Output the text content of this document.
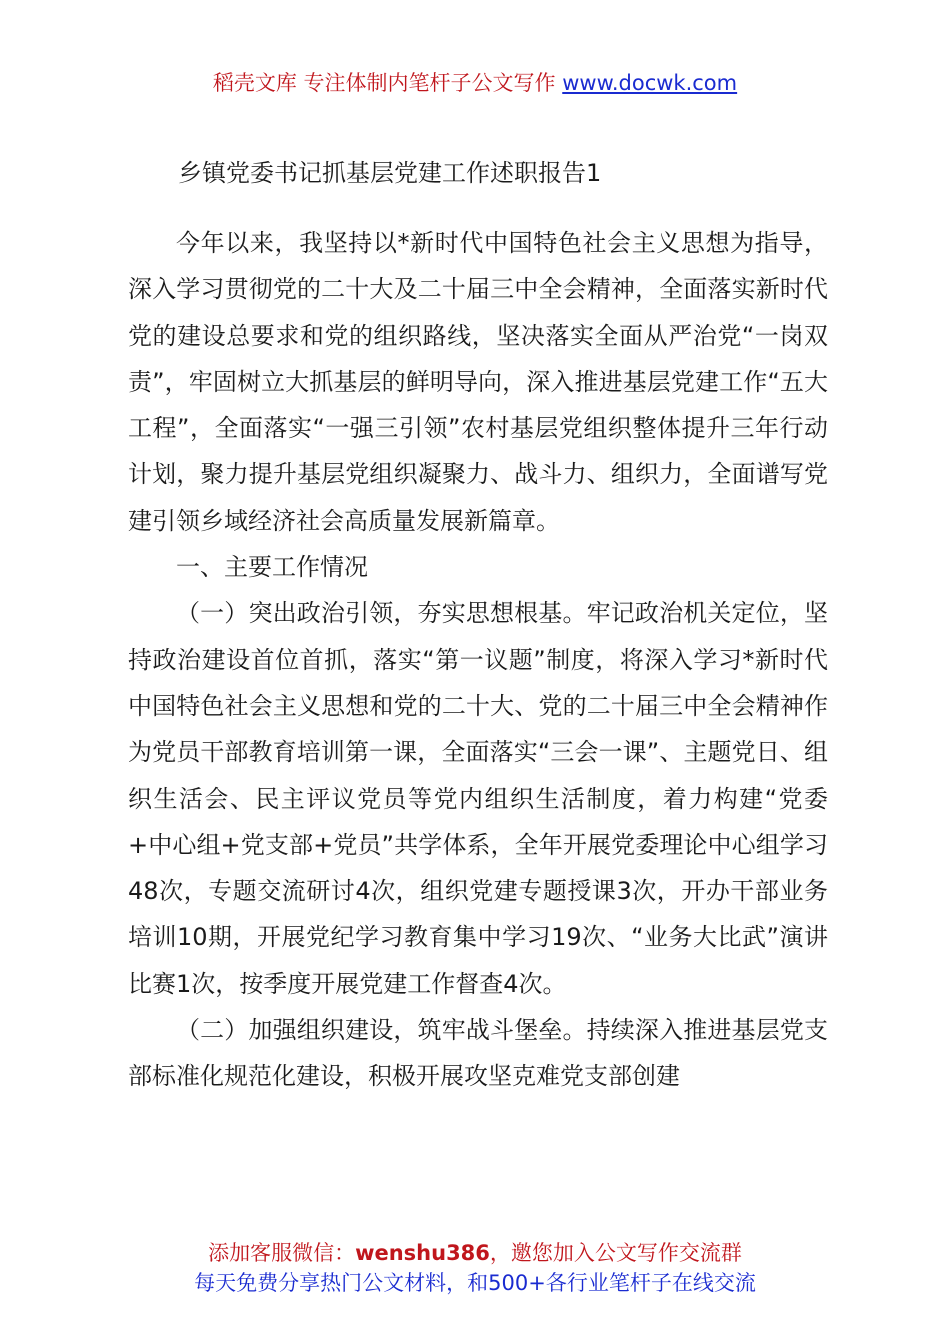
稻壳文库 专注体制内笔杆子公文写作 www.docwk.com
乡镇党委书记抓基层党建工作述职报告1

今年以来，我坚持以*新时代中国特色社会主义思想为指导，深入学习贯彻党的二十大及二十届三中全会精神，全面落实新时代党的建设总要求和党的组织路线，坚决落实全面从严治党“一岗双责”，牢固树立大抓基层的鲜明导向，深入推进基层党建工作“五大工程”，全面落实“一强三引领”农村基层党组织整体提升三年行动计划，聚力提升基层党组织凝聚力、战斗力、组织力，全面谱写党建引领乡域经济社会高质量发展新篇章。

一、主要工作情况

（一）突出政治引领，夯实思想根基。牢记政治机关定位，坚持政治建设首位首抓，落实“第一议题”制度，将深入学习*新时代中国特色社会主义思想和党的二十大、党的二十届三中全会精神作为党员干部教育培训第一课，全面落实“三会一课”、主题党日、组织生活会、民主评议党员等党内组织生活制度，着力构建“党委+中心组+党支部+党员”共学体系，全年开展党委理论中心组学习48次，专题交流研讨4次，组织党建专题授课3次，开办干部业务培训10期，开展党纪学习教育集中学习19次、“业务大比武”演讲比赛1次，按季度开展党建工作督查4次。

（二）加强组织建设，筑牢战斗堡垒。持续深入推进基层党支部标准化规范化建设，积极开展攻坚克难党支部创建

添加客服微信：wenshu386，邀您加入公文写作交流群
每天免费分享热门公文材料，和500+各行业笔杆子在线交流
